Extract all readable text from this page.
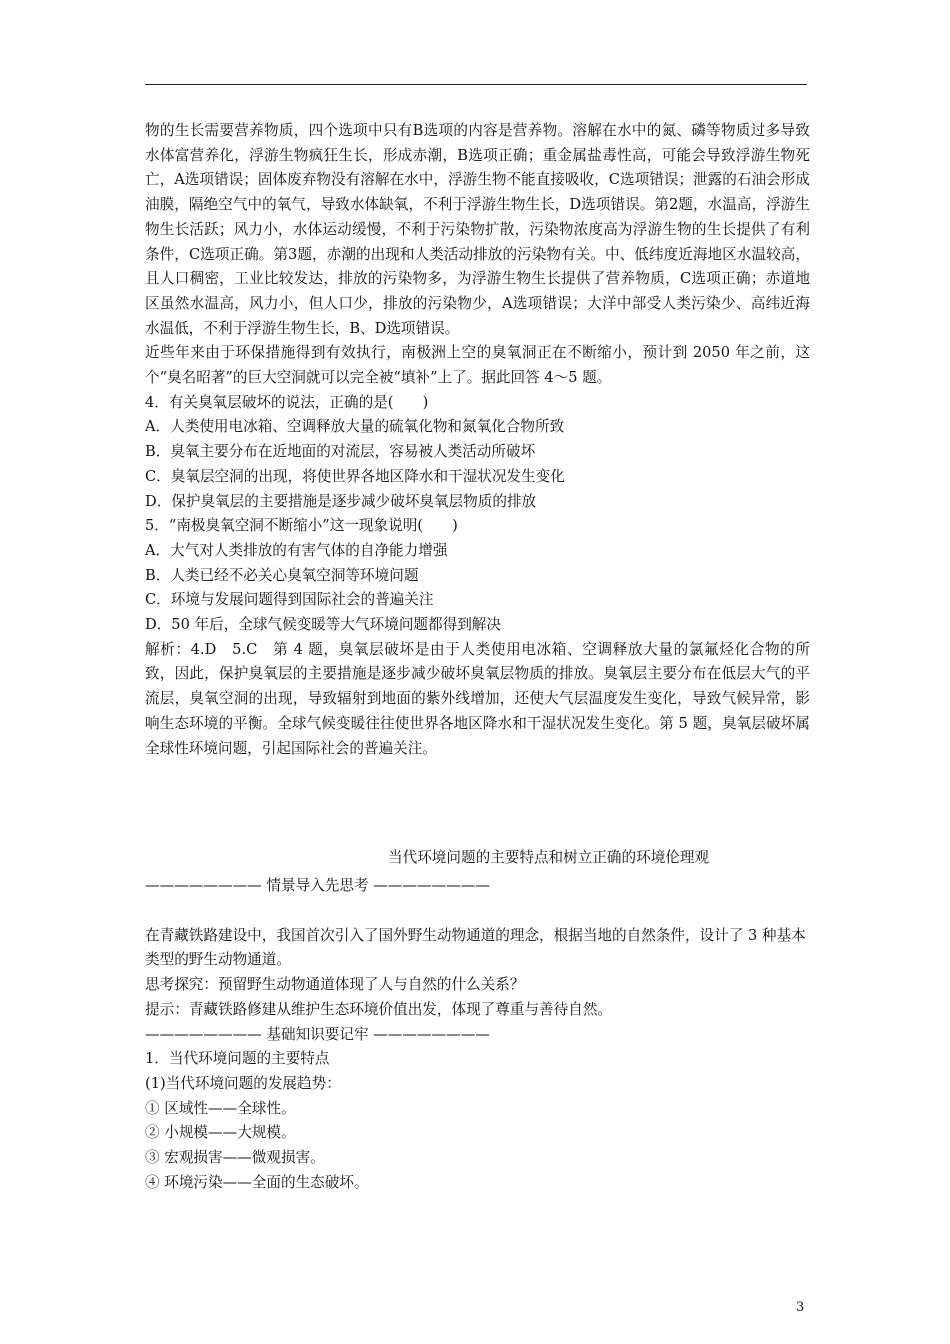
物的生长需要营养物质，四个选项中只有B选项的内容是营养物。溶解在水中的氮、磷等物质过多导致水体富营养化，浮游生物疯狂生长，形成赤潮，B选项正确；重金属盐毒性高，可能会导致浮游生物死亡，A选项错误；固体废弃物没有溶解在水中，浮游生物不能直接吸收，C选项错误；泄露的石油会形成油膜，隔绝空气中的氧气，导致水体缺氧，不利于浮游生物生长，D选项错误。第2题，水温高，浮游生物生长活跃；风力小，水体运动缓慢，不利于污染物扩散，污染物浓度高为浮游生物的生长提供了有利条件，C选项正确。第3题，赤潮的出现和人类活动排放的污染物有关。中、低纬度近海地区水温较高，且人口稠密，工业比较发达，排放的污染物多，为浮游生物生长提供了营养物质，C选项正确；赤道地区虽然水温高，风力小，但人口少，排放的污染物少，A选项错误；大洋中部受人类污染少、高纬近海水温低，不利于浮游生物生长，B、D选项错误。

近些年来由于环保措施得到有效执行，南极洲上空的臭氧洞正在不断缩小，预计到 2050 年之前，这个“臭名昭著”的巨大空洞就可以完全被“填补”上了。据此回答 4～5 题。

4．有关臭氧层破坏的说法，正确的是(　　)

A．人类使用电冰箱、空调释放大量的硫氧化物和氮氧化合物所致

B．臭氧主要分布在近地面的对流层，容易被人类活动所破坏

C．臭氧层空洞的出现，将使世界各地区降水和干湿状况发生变化

D．保护臭氧层的主要措施是逐步减少破坏臭氧层物质的排放

5．“南极臭氧空洞不断缩小”这一现象说明(　　)

A．大气对人类排放的有害气体的自净能力增强

B．人类已经不必关心臭氧空洞等环境问题

C．环境与发展问题得到国际社会的普遍关注

D．50 年后，全球气候变暖等大气环境问题都得到解决

解析：4.D　5.C　第 4 题，臭氧层破坏是由于人类使用电冰箱、空调释放大量的氯氟烃化合物的所致，因此，保护臭氧层的主要措施是逐步减少破坏臭氧层物质的排放。臭氧层主要分布在低层大气的平流层，臭氧空洞的出现，导致辐射到地面的紫外线增加，还使大气层温度发生变化，导致气候异常，影响生态环境的平衡。全球气候变暖往往使世界各地区降水和干湿状况发生变化。第 5 题，臭氧层破坏属全球性环境问题，引起国际社会的普遍关注。

当代环境问题的主要特点和树立正确的环境伦理观

———————— 情景导入先思考 ————————

在青藏铁路建设中，我国首次引入了国外野生动物通道的理念，根据当地的自然条件，设计了 3 种基本类型的野生动物通道。

思考探究：预留野生动物通道体现了人与自然的什么关系？

提示：青藏铁路修建从维护生态环境价值出发，体现了尊重与善待自然。

———————— 基础知识要记牢 ————————

1．当代环境问题的主要特点

(1)当代环境问题的发展趋势：

① 区域性——全球性。

② 小规模——大规模。

③ 宏观损害——微观损害。

④ 环境污染——全面的生态破坏。

3
